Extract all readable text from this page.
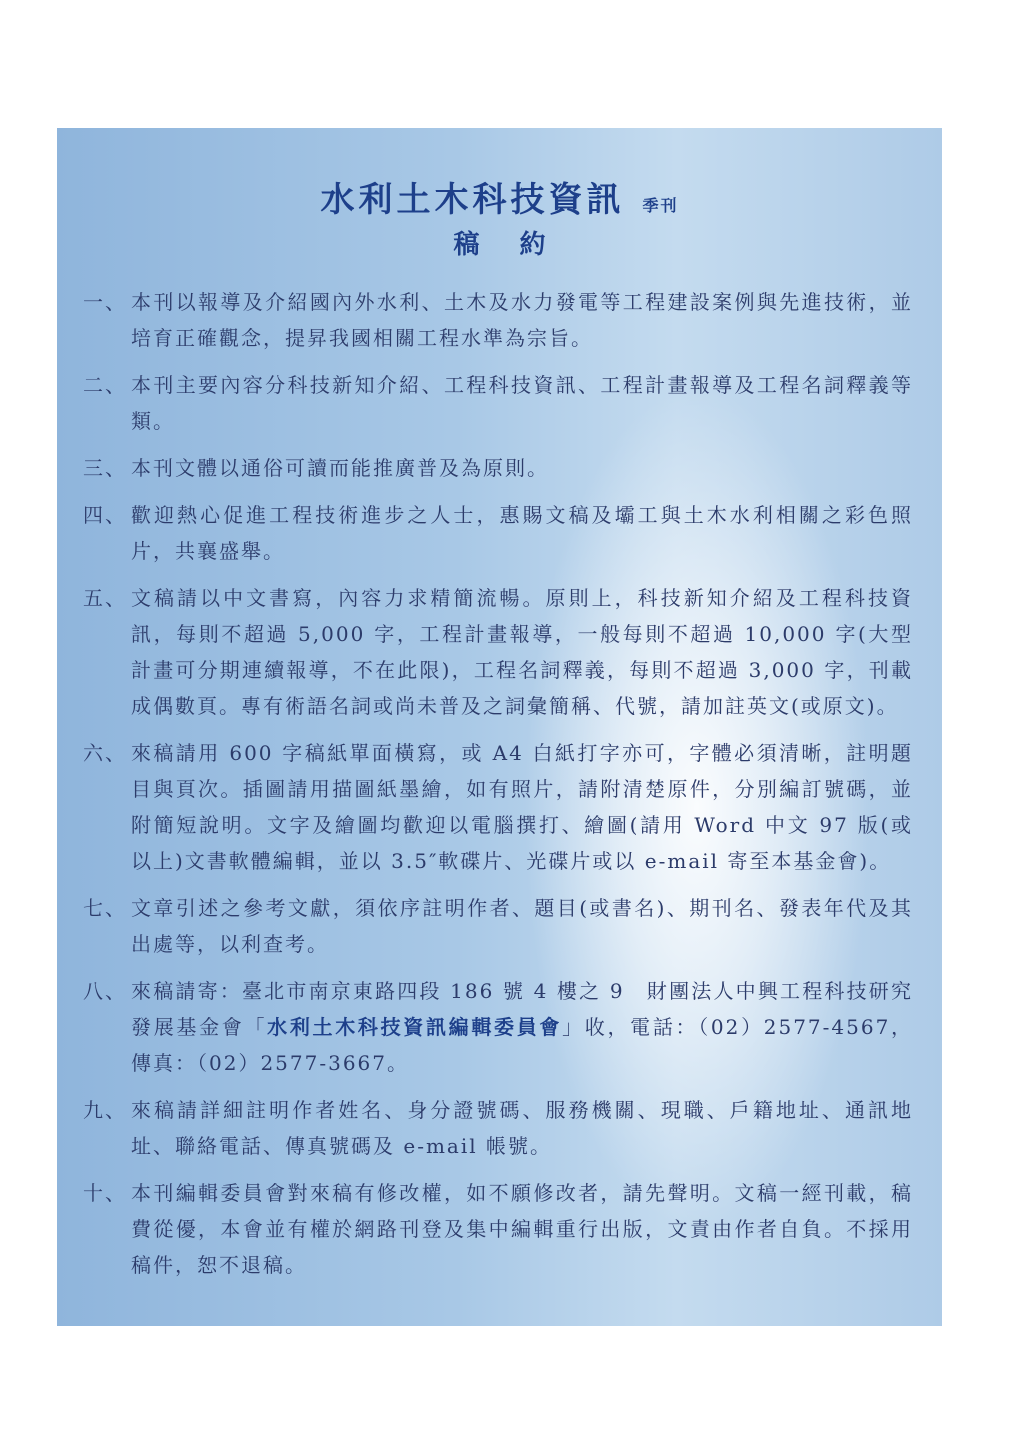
水利土木科技資訊 季刊
稿約
一、 本刊以報導及介紹國內外水利、土木及水力發電等工程建設案例與先進技術，並培育正確觀念，提昇我國相關工程水準為宗旨。
二、 本刊主要內容分科技新知介紹、工程科技資訊、工程計畫報導及工程名詞釋義等類。
三、 本刊文體以通俗可讀而能推廣普及為原則。
四、 歡迎熱心促進工程技術進步之人士，惠賜文稿及壩工與土木水利相關之彩色照片，共襄盛舉。
五、 文稿請以中文書寫，內容力求精簡流暢。原則上，科技新知介紹及工程科技資訊，每則不超過 5,000 字，工程計畫報導，一般每則不超過 10,000 字(大型計畫可分期連續報導，不在此限)，工程名詞釋義，每則不超過 3,000 字，刊載成偶數頁。專有術語名詞或尚未普及之詞彙簡稱、代號，請加註英文(或原文)。
六、 來稿請用 600 字稿紙單面橫寫，或 A4 白紙打字亦可，字體必須清晰，註明題目與頁次。插圖請用描圖紙墨繪，如有照片，請附清楚原件，分別編訂號碼，並附簡短說明。文字及繪圖均歡迎以電腦撰打、繪圖(請用 Word 中文 97 版(或以上)文書軟體編輯，並以 3.5″軟碟片、光碟片或以 e-mail 寄至本基金會)。
七、 文章引述之參考文獻，須依序註明作者、題目(或書名)、期刊名、發表年代及其出處等，以利查考。
八、 來稿請寄：臺北市南京東路四段 186 號 4 樓之 9　財團法人中興工程科技研究發展基金會「水利土木科技資訊編輯委員會」收，電話：（02）2577-4567，傳真：（02）2577-3667。
九、 來稿請詳細註明作者姓名、身分證號碼、服務機關、現職、戶籍地址、通訊地址、聯絡電話、傳真號碼及 e-mail 帳號。
十、 本刊編輯委員會對來稿有修改權，如不願修改者，請先聲明。文稿一經刊載，稿費從優，本會並有權於網路刊登及集中編輯重行出版，文責由作者自負。不採用稿件，恕不退稿。
